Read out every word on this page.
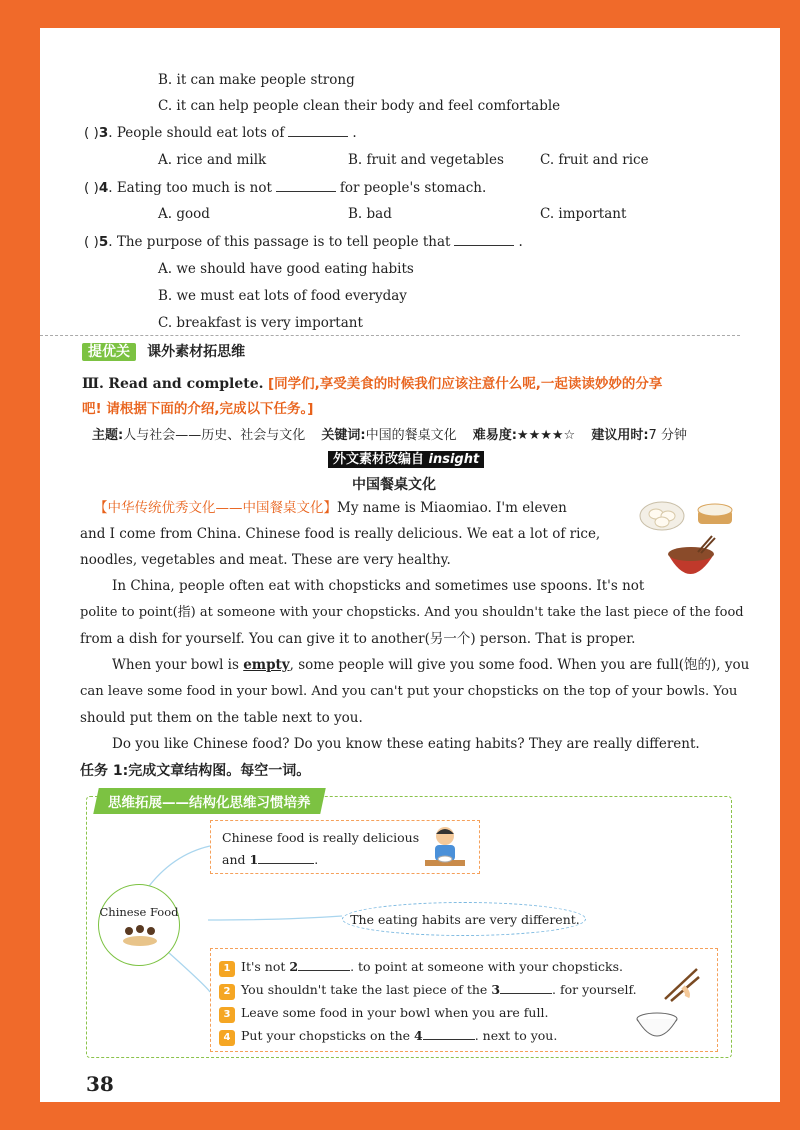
B. it can make people strong
C. it can help people clean their body and feel comfortable
( )3. People should eat lots of	.
A. rice and milk	B. fruit and vegetables	C. fruit and rice
( )4. Eating too much is not	for people's stomach.
A. good	B. bad	C. important
( )5. The purpose of this passage is to tell people that	.
A. we should have good eating habits
B. we must eat lots of food everyday
C. breakfast is very important
提优关 课外素材拓思维
Ⅲ. Read and complete. [同学们,享受美食的时候我们应该注意什么呢,一起读读妙妙的分享
吧! 请根据下面的介绍,完成以下任务。]
主题:人与社会——历史、社会与文化 关键词:中国的餐桌文化 难易度:★★★★☆ 建议用时:7 分钟
外文素材改编自 insight
中国餐桌文化
【中华传统优秀文化——中国餐桌文化】My name is Miaomiao. I'm eleven
and I come from China. Chinese food is really delicious. We eat a lot of rice,
noodles, vegetables and meat. These are very healthy.
In China, people often eat with chopsticks and sometimes use spoons. It's not
polite to point(指) at someone with your chopsticks. And you shouldn't take the last piece of the food
from a dish for yourself. You can give it to another(另一个) person. That is proper.
When your bowl is empty, some people will give you some food. When you are full(饱的), you
can leave some food in your bowl. And you can't put your chopsticks on the top of your bowls. You
should put them on the table next to you.
Do you like Chinese food? Do you know these eating habits? They are really different.
任务 1:完成文章结构图。每空一词。
思维拓展——结构化思维习惯培养
Chinese Food
Chinese food is really delicious
and 1	.
The eating habits are very different.
1 It's not 2	. to point at someone with your chopsticks.
2 You shouldn't take the last piece of the 3	. for yourself.
3 Leave some food in your bowl when you are full.
4 Put your chopsticks on the 4	. next to you.
38
